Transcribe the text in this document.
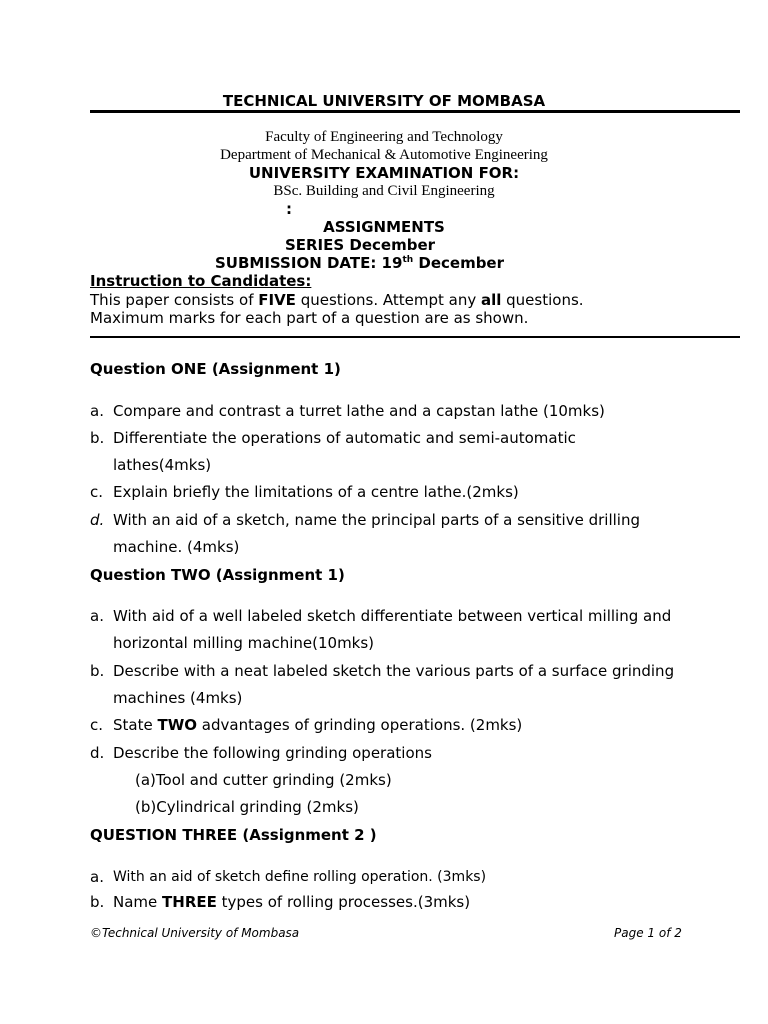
TECHNICAL UNIVERSITY OF MOMBASA
Faculty of Engineering and Technology
Department of Mechanical & Automotive Engineering
UNIVERSITY EXAMINATION FOR:
BSc. Building and Civil Engineering
:
ASSIGNMENTS
SERIES December
SUBMISSION DATE: 19th December
Instruction to Candidates:
This paper consists of FIVE questions. Attempt any all questions.
Maximum marks for each part of a question are as shown.
Question ONE (Assignment 1)
a. Compare and contrast a turret lathe and a capstan lathe (10mks)
b. Differentiate the operations of automatic and semi-automatic lathes(4mks)
c. Explain briefly the limitations of a centre lathe.(2mks)
d. With an aid of a sketch, name the principal parts of a sensitive drilling machine. (4mks)
Question TWO (Assignment 1)
a. With aid of a well labeled sketch differentiate between vertical milling and horizontal milling machine(10mks)
b. Describe with a neat labeled sketch the various parts of a surface grinding machines (4mks)
c. State TWO advantages of grinding operations. (2mks)
d. Describe the following grinding operations
(a)Tool and cutter grinding (2mks)
(b)Cylindrical grinding (2mks)
QUESTION THREE (Assignment 2 )
a. With an aid of sketch define rolling operation. (3mks)
b. Name THREE types of rolling processes.(3mks)
©Technical University of Mombasa	Page 1 of 2
